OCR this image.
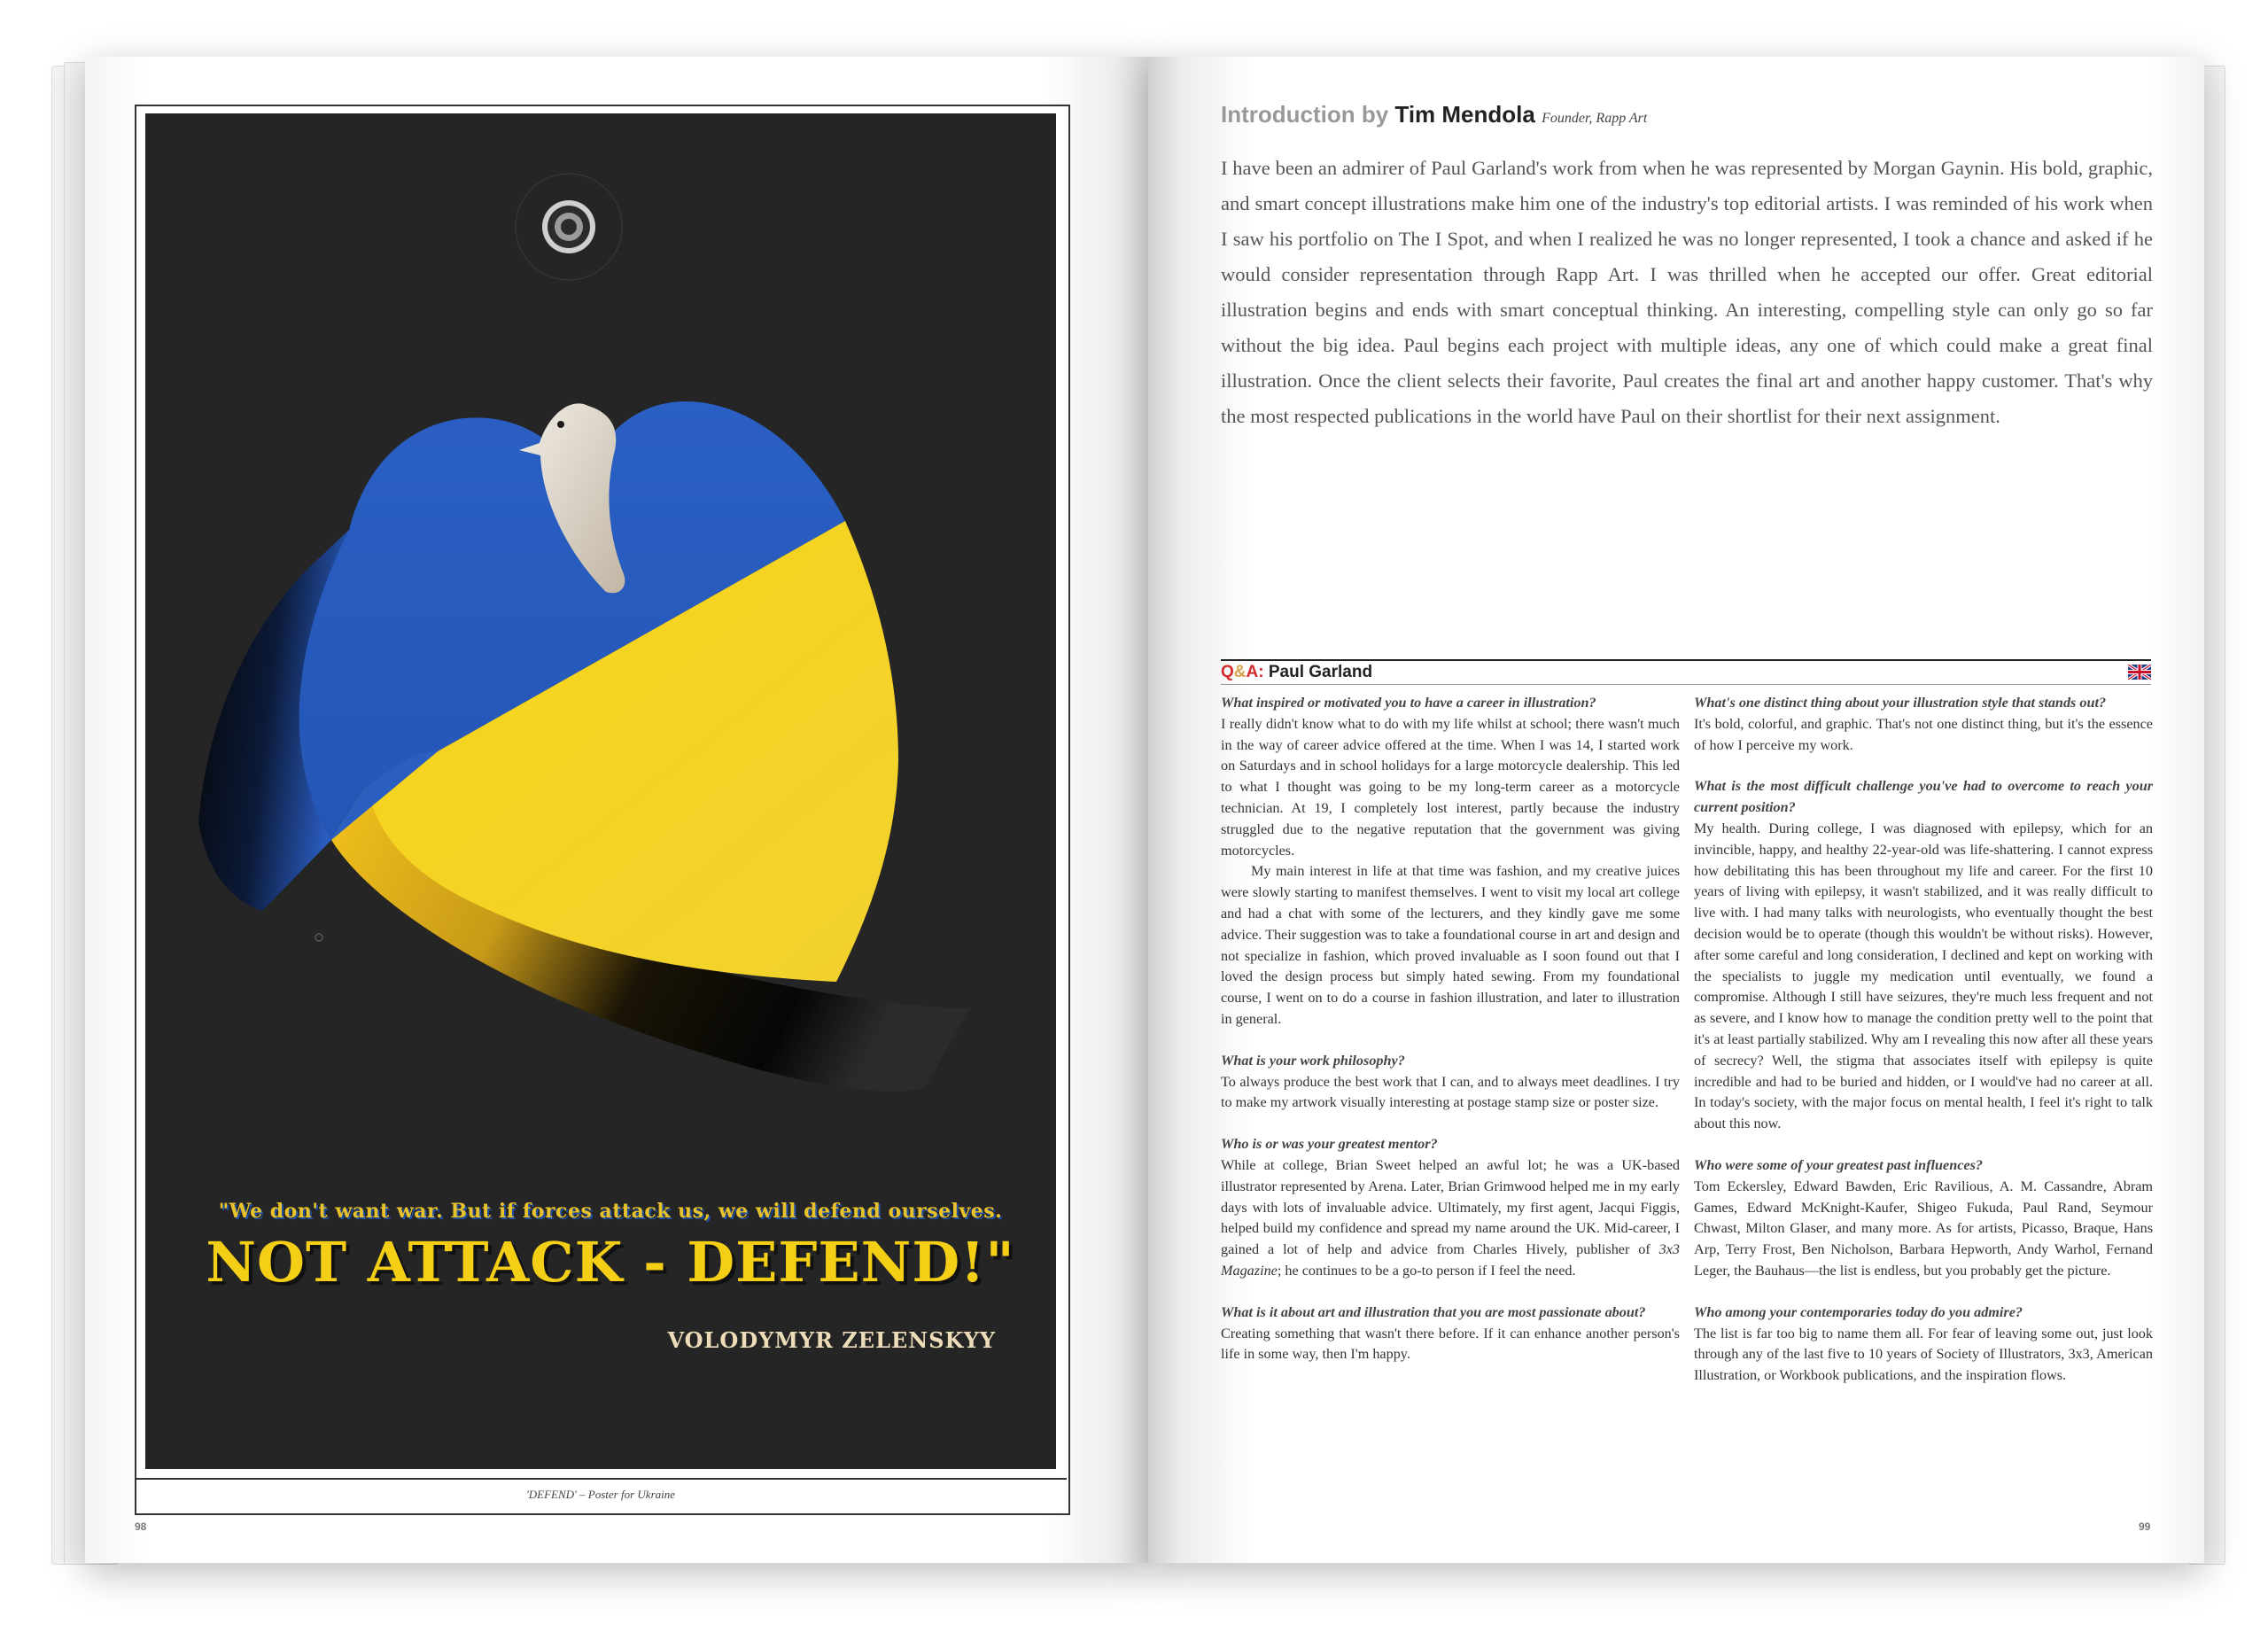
"We don't want war. But if forces attack us, we will defend ourselves.
NOT ATTACK - DEFEND!"
VOLODYMYR ZELENSKYY
'DEFEND' – Poster for Ukraine
98
Introduction by Tim Mendola Founder, Rapp Art

I have been an admirer of Paul Garland's work from when he was represented by Morgan Gaynin. His bold, graphic, and smart concept illustrations make him one of the industry's top editorial artists. I was reminded of his work when I saw his portfolio on The I Spot, and when I realized he was no longer represented, I took a chance and asked if he would consider representation through Rapp Art. I was thrilled when he accepted our offer. Great editorial illustration begins and ends with smart conceptual thinking. An interesting, compelling style can only go so far without the big idea. Paul begins each project with multiple ideas, any one of which could make a great final illustration. Once the client selects their favorite, Paul creates the final art and another happy customer. That's why the most respected publications in the world have Paul on their shortlist for their next assignment.

Q&A: Paul Garland

What inspired or motivated you to have a career in illustration?

I really didn't know what to do with my life whilst at school; there wasn't much in the way of career advice offered at the time. When I was 14, I started work on Saturdays and in school holidays for a large motorcycle dealership. This led to what I thought was going to be my long-term career as a motorcycle technician. At 19, I completely lost interest, partly because the industry struggled due to the negative reputation that the government was giving motorcycles.

My main interest in life at that time was fashion, and my creative juices were slowly starting to manifest themselves. I went to visit my local art college and had a chat with some of the lecturers, and they kindly gave me some advice. Their suggestion was to take a foundational course in art and design and not specialize in fashion, which proved invaluable as I soon found out that I loved the design process but simply hated sewing. From my foundational course, I went on to do a course in fashion illustration, and later to illustration in general.

What is your work philosophy?

To always produce the best work that I can, and to always meet deadlines. I try to make my artwork visually interesting at postage stamp size or poster size.

Who is or was your greatest mentor?

While at college, Brian Sweet helped an awful lot; he was a UK-based illustrator represented by Arena. Later, Brian Grimwood helped me in my early days with lots of invaluable advice. Ultimately, my first agent, Jacqui Figgis, helped build my confidence and spread my name around the UK. Mid-career, I gained a lot of help and advice from Charles Hively, publisher of 3x3 Magazine; he continues to be a go-to person if I feel the need.

What is it about art and illustration that you are most passionate about?

Creating something that wasn't there before. If it can enhance another person's life in some way, then I'm happy.

What's one distinct thing about your illustration style that stands out?

It's bold, colorful, and graphic. That's not one distinct thing, but it's the essence of how I perceive my work.

What is the most difficult challenge you've had to overcome to reach your current position?

My health. During college, I was diagnosed with epilepsy, which for an invincible, happy, and healthy 22-year-old was life-shattering. I cannot express how debilitating this has been throughout my life and career. For the first 10 years of living with epilepsy, it wasn't stabilized, and it was really difficult to live with. I had many talks with neurologists, who eventually thought the best decision would be to operate (though this wouldn't be without risks). However, after some careful and long consideration, I declined and kept on working with the specialists to juggle my medication until eventually, we found a compromise. Although I still have seizures, they're much less frequent and not as severe, and I know how to manage the condition pretty well to the point that it's at least partially stabilized. Why am I revealing this now after all these years of secrecy? Well, the stigma that associates itself with epilepsy is quite incredible and had to be buried and hidden, or I would've had no career at all. In today's society, with the major focus on mental health, I feel it's right to talk about this now.

Who were some of your greatest past influences?

Tom Eckersley, Edward Bawden, Eric Ravilious, A. M. Cassandre, Abram Games, Edward McKnight-Kaufer, Shigeo Fukuda, Paul Rand, Seymour Chwast, Milton Glaser, and many more. As for artists, Picasso, Braque, Hans Arp, Terry Frost, Ben Nicholson, Barbara Hepworth, Andy Warhol, Fernand Leger, the Bauhaus—the list is endless, but you probably get the picture.

Who among your contemporaries today do you admire?

The list is far too big to name them all. For fear of leaving some out, just look through any of the last five to 10 years of Society of Illustrators, 3x3, American Illustration, or Workbook publications, and the inspiration flows.

99
